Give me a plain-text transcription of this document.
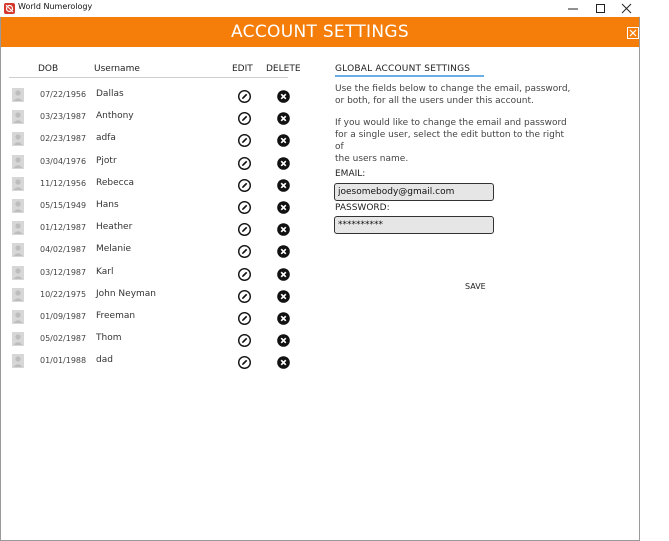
World Numerology
ACCOUNT SETTINGS	CLOSE
DOB	Username	EDIT DELETE
07/22/1956 Dallas
03/23/1987 Anthony
02/23/1987 adfa
03/04/1976 Pjotr
11/12/1956 Rebecca
05/15/1949 Hans
01/12/1987 Heather
04/02/1987 Melanie
03/12/1987 Karl
10/22/1975 John Neyman
01/09/1987 Freeman
05/02/1987 Thom
01/01/1988 dad
GLOBAL ACCOUNT SETTINGS
Use the fields below to change the email, password,
or both, for all the users under this account.
If you would like to change the email and password
for a single user, select the edit button to the right of
the users name.
EMAIL:
joesomebody@gmail.com
PASSWORD:
**********
SAVE
